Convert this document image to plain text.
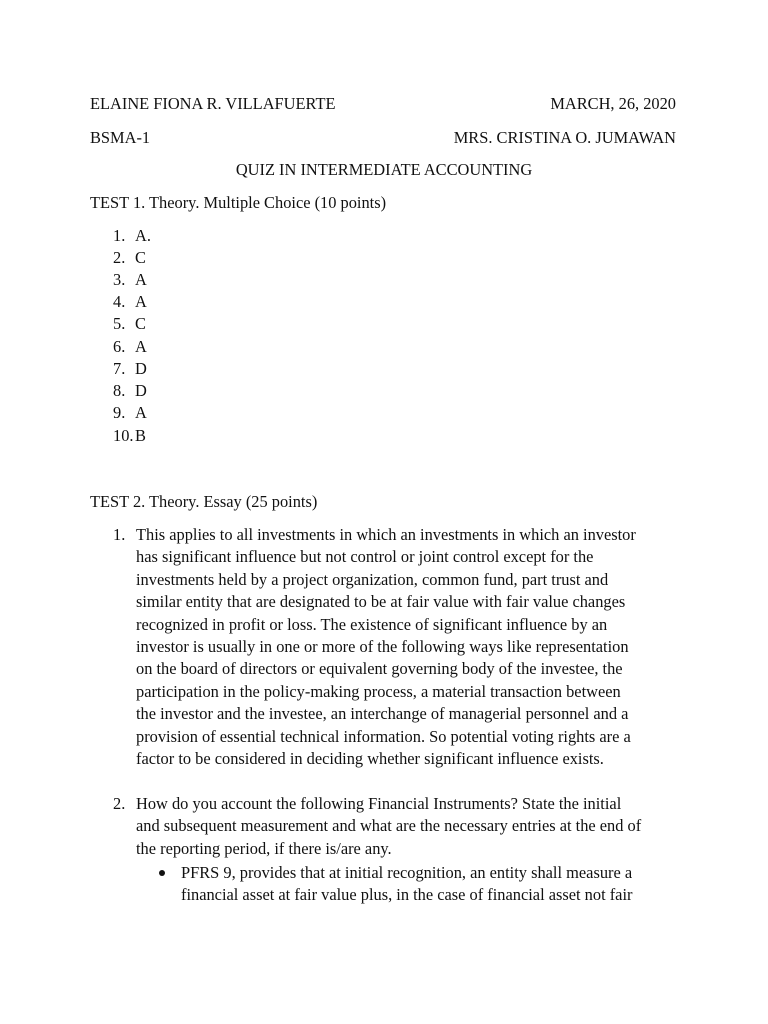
ELAINE FIONA R. VILLAFUERTE	MARCH, 26, 2020
BSMA-1	MRS. CRISTINA O. JUMAWAN
QUIZ IN INTERMEDIATE ACCOUNTING
TEST 1. Theory. Multiple Choice (10 points)
1. A.
2. C
3. A
4. A
5. C
6. A
7. D
8. D
9. A
10.B
TEST 2. Theory. Essay (25 points)
1. This applies to all investments in which an investments in which an investor
has significant influence but not control or joint control except for the
investments held by a project organization, common fund, part trust and
similar entity that are designated to be at fair value with fair value changes
recognized in profit or loss. The existence of significant influence by an
investor is usually in one or more of the following ways like representation
on the board of directors or equivalent governing body of the investee, the
participation in the policy-making process, a material transaction between
the investor and the investee, an interchange of managerial personnel and a
provision of essential technical information. So potential voting rights are a
factor to be considered in deciding whether significant influence exists.
2. How do you account the following Financial Instruments? State the initial
and subsequent measurement and what are the necessary entries at the end of
the reporting period, if there is/are any.
PFRS 9, provides that at initial recognition, an entity shall measure a
financial asset at fair value plus, in the case of financial asset not fair
